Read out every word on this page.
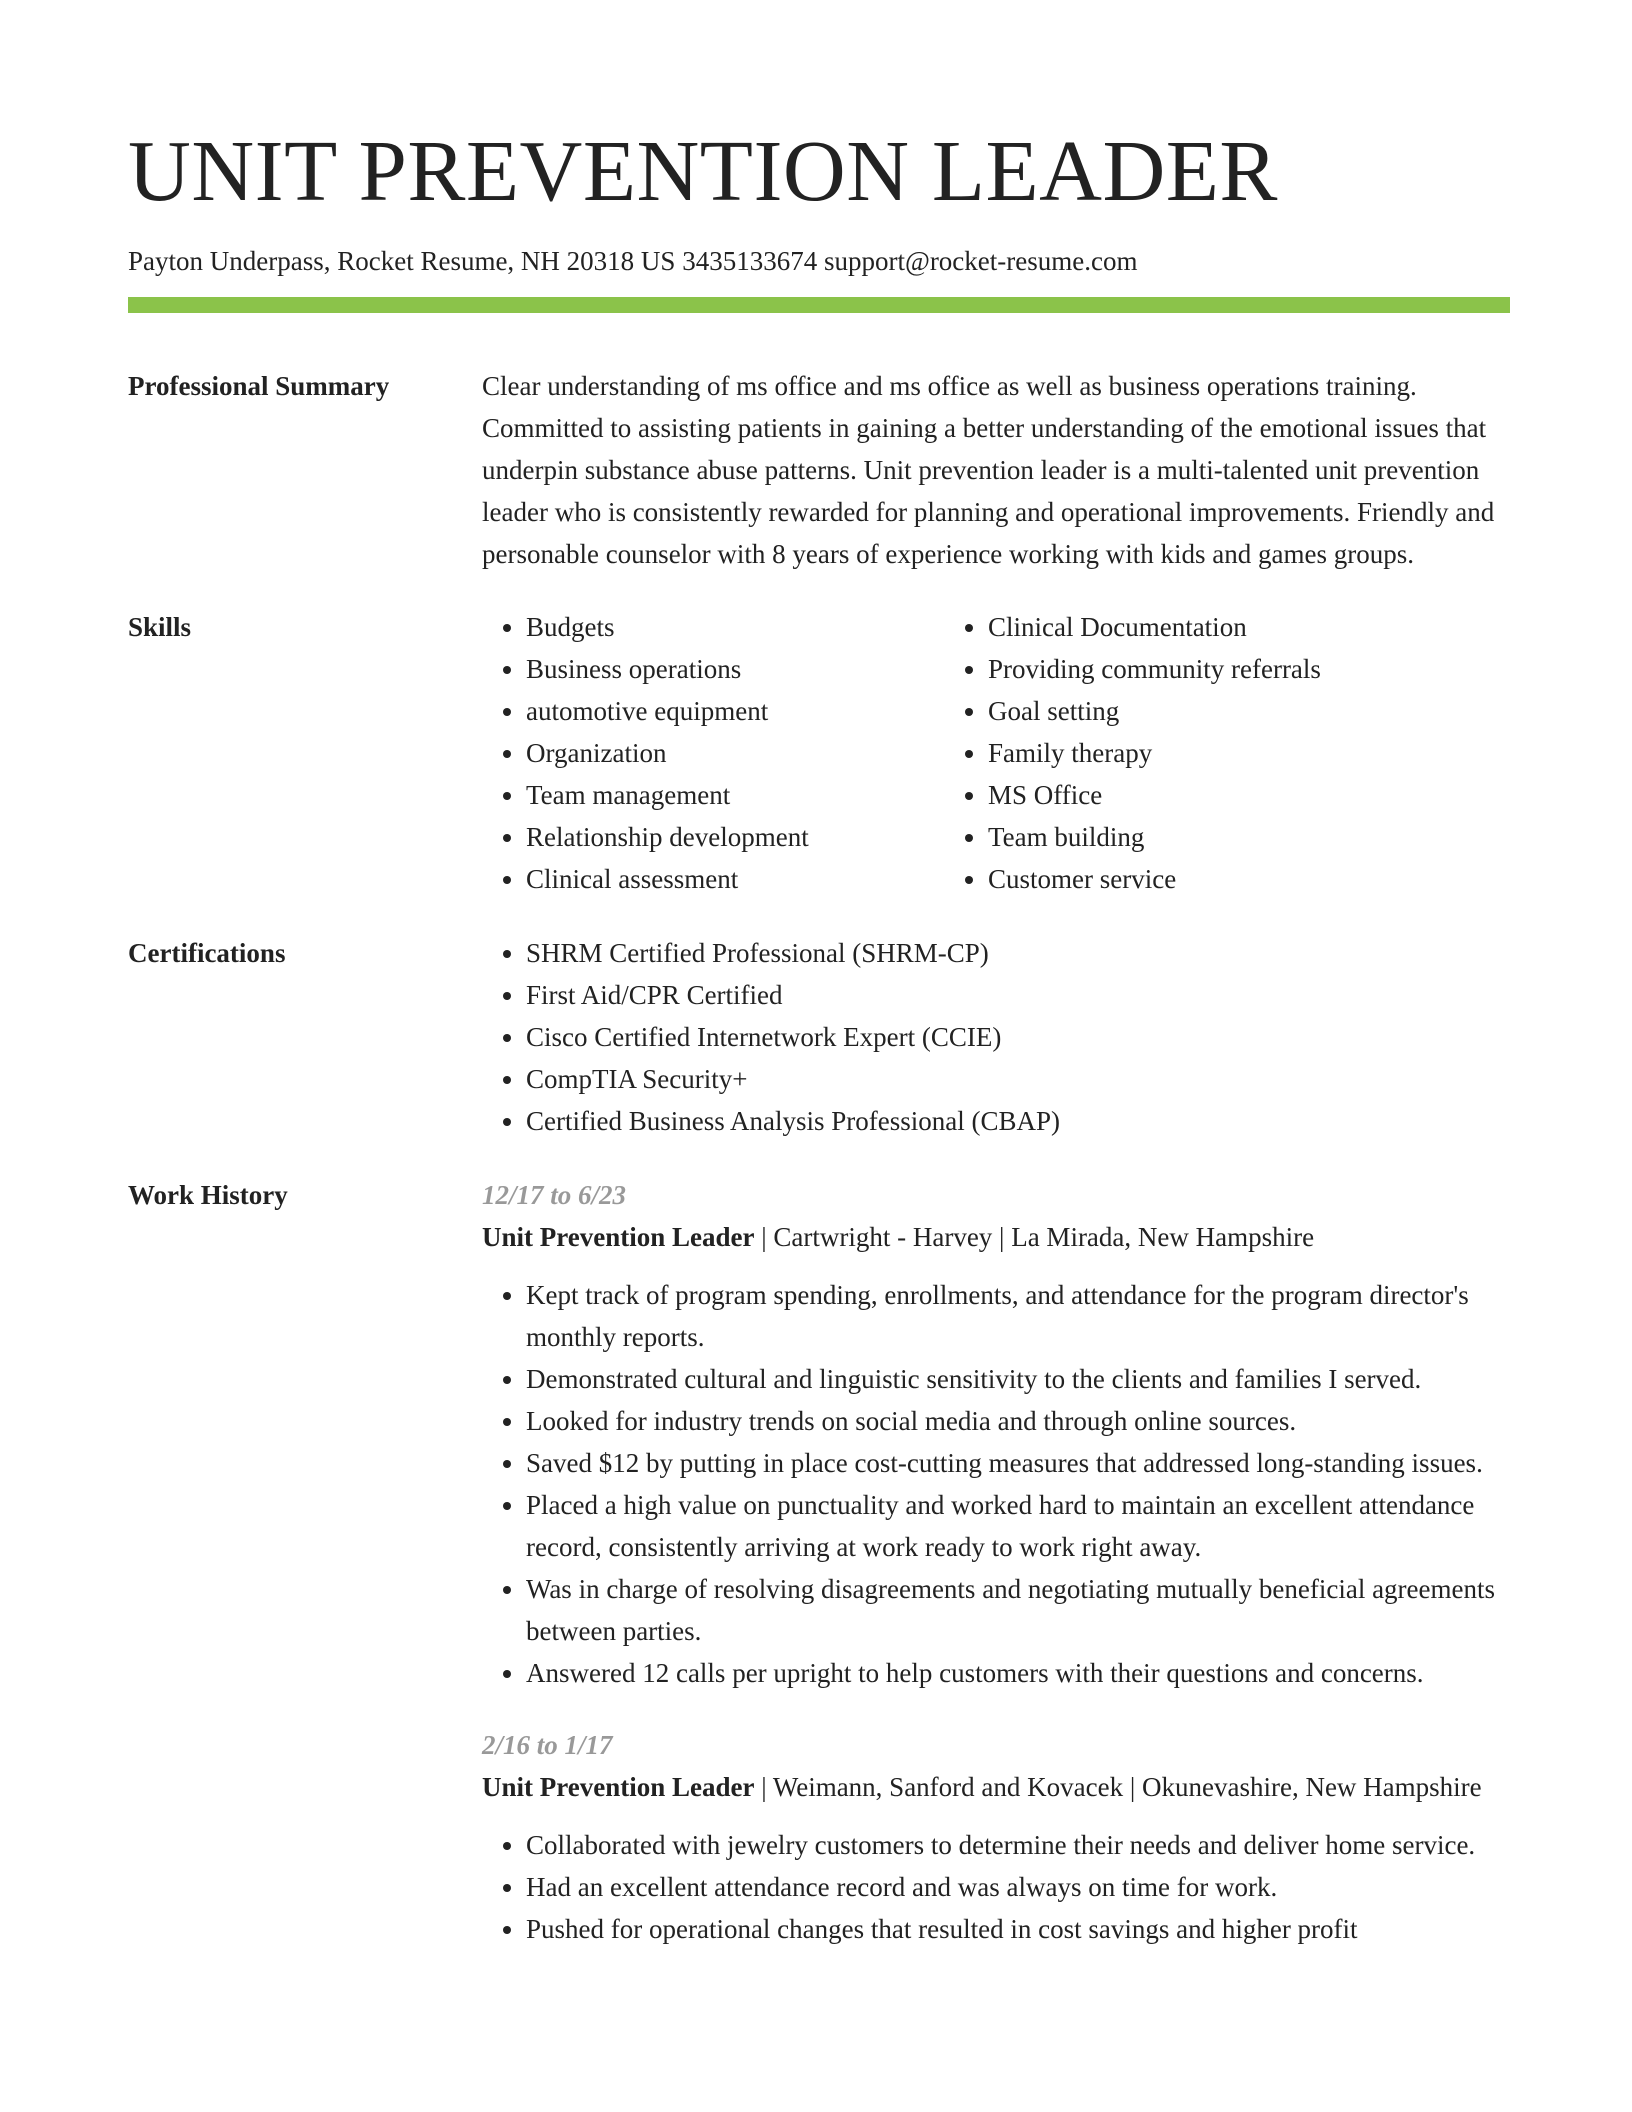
UNIT PREVENTION LEADER
Payton Underpass, Rocket Resume, NH 20318 US 3435133674 support@rocket-resume.com
Professional Summary	Clear understanding of ms office and ms office as well as business operations training. Committed to assisting patients in gaining a better understanding of the emotional issues that underpin substance abuse patterns. Unit prevention leader is a multi-talented unit prevention leader who is consistently rewarded for planning and operational improvements. Friendly and personable counselor with 8 years of experience working with kids and games groups.

Skills	• Budgets
• Business operations
• automotive equipment
• Organization
• Team management
• Relationship development
• Clinical assessment
• Clinical Documentation
• Providing community referrals
• Goal setting
• Family therapy
• MS Office
• Team building
• Customer service
Certifications	• SHRM Certified Professional (SHRM-CP)
• First Aid/CPR Certified
• Cisco Certified Internetwork Expert (CCIE)
• CompTIA Security+
• Certified Business Analysis Professional (CBAP)
Work History	12/17 to 6/23
Unit Prevention Leader | Cartwright - Harvey | La Mirada, New Hampshire
• Kept track of program spending, enrollments, and attendance for the program director's monthly reports.
• Demonstrated cultural and linguistic sensitivity to the clients and families I served.
• Looked for industry trends on social media and through online sources.
• Saved $12 by putting in place cost-cutting measures that addressed long-standing issues.
• Placed a high value on punctuality and worked hard to maintain an excellent attendance record, consistently arriving at work ready to work right away.
• Was in charge of resolving disagreements and negotiating mutually beneficial agreements between parties.
• Answered 12 calls per upright to help customers with their questions and concerns.
2/16 to 1/17
Unit Prevention Leader | Weimann, Sanford and Kovacek | Okunevashire, New Hampshire
• Collaborated with jewelry customers to determine their needs and deliver home service.
• Had an excellent attendance record and was always on time for work.
• Pushed for operational changes that resulted in cost savings and higher profit
